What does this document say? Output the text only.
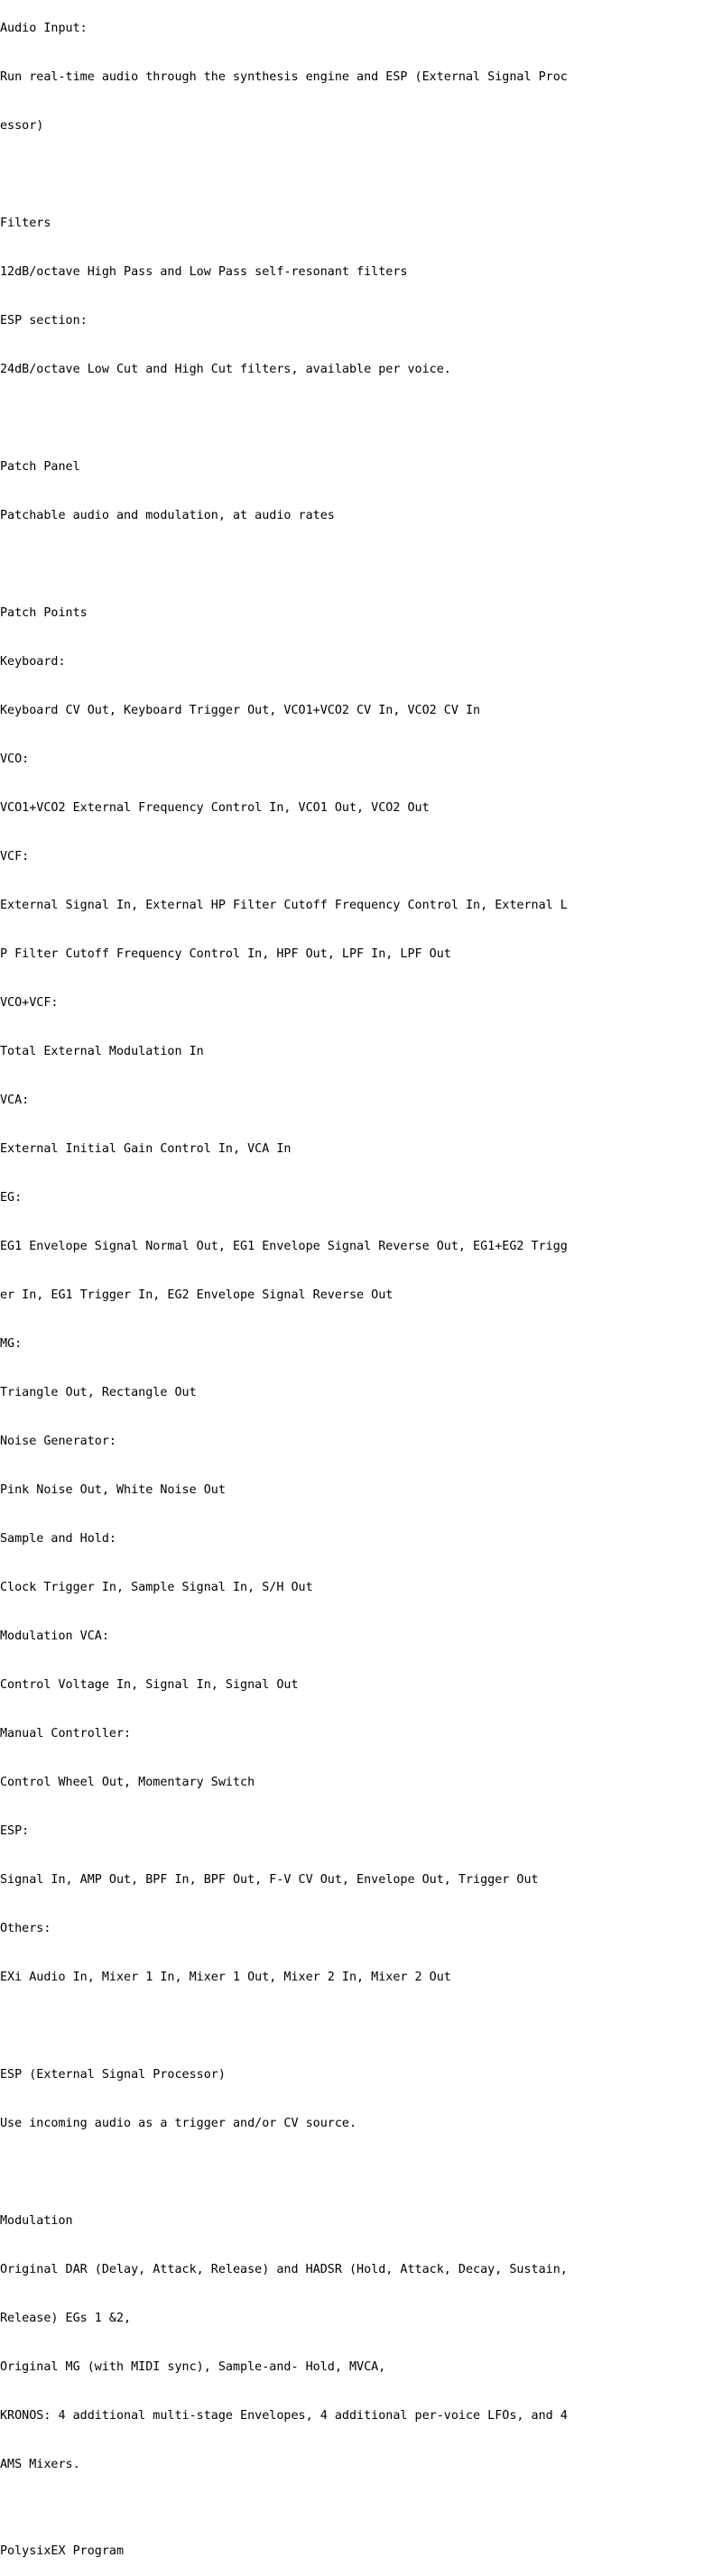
Audio Input:

Run real-time audio through the synthesis engine and ESP (External Signal Proc

essor)

Filters

12dB/octave High Pass and Low Pass self-resonant filters

ESP section:

24dB/octave Low Cut and High Cut filters, available per voice.

Patch Panel

Patchable audio and modulation, at audio rates

Patch Points

Keyboard:

Keyboard CV Out, Keyboard Trigger Out, VCO1+VCO2 CV In, VCO2 CV In

VCO:

VCO1+VCO2 External Frequency Control In, VCO1 Out, VCO2 Out

VCF:

External Signal In, External HP Filter Cutoff Frequency Control In, External L

P Filter Cutoff Frequency Control In, HPF Out, LPF In, LPF Out

VCO+VCF:

Total External Modulation In

VCA:

External Initial Gain Control In, VCA In

EG:

EG1 Envelope Signal Normal Out, EG1 Envelope Signal Reverse Out, EG1+EG2 Trigg

er In, EG1 Trigger In, EG2 Envelope Signal Reverse Out

MG:

Triangle Out, Rectangle Out

Noise Generator:

Pink Noise Out, White Noise Out

Sample and Hold:

Clock Trigger In, Sample Signal In, S/H Out

Modulation VCA:

Control Voltage In, Signal In, Signal Out

Manual Controller:

Control Wheel Out, Momentary Switch

ESP:

Signal In, AMP Out, BPF In, BPF Out, F-V CV Out, Envelope Out, Trigger Out

Others:

EXi Audio In, Mixer 1 In, Mixer 1 Out, Mixer 2 In, Mixer 2 Out

ESP (External Signal Processor)

Use incoming audio as a trigger and/or CV source.

Modulation

Original DAR (Delay, Attack, Release) and HADSR (Hold, Attack, Decay, Sustain,

Release) EGs 1 &2,

Original MG (with MIDI sync), Sample-and- Hold, MVCA,

KRONOS: 4 additional multi-stage Envelopes, 4 additional per-voice LFOs, and 4

AMS Mixers.

PolysixEX Program
